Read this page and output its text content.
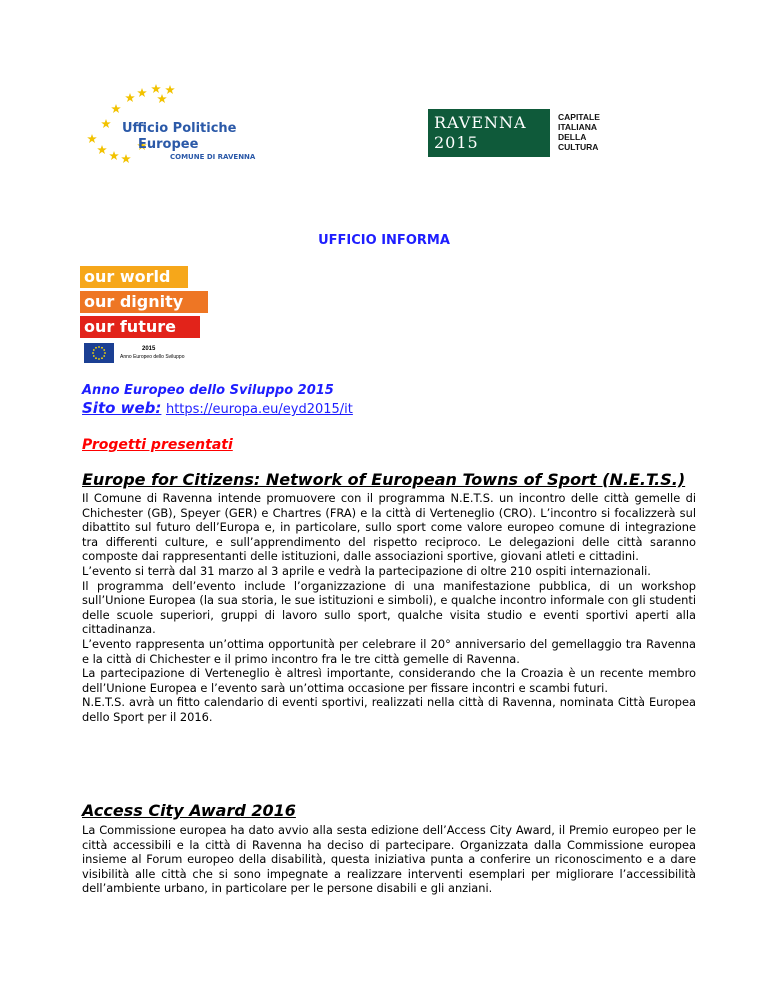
Ufficio Politiche
Europee
COMUNE DI RAVENNA
RAVENNA
2015
CAPITALE
ITALIANA
DELLA
CULTURA
UFFICIO INFORMA
our world
our dignity
our future
2015
Anno Europeo dello Sviluppo
Anno Europeo dello Sviluppo 2015
Sito web: https://europa.eu/eyd2015/it
Progetti presentati
Europe for Citizens: Network of European Towns of Sport (N.E.T.S.)

Il Comune di Ravenna intende promuovere con il programma N.E.T.S. un incontro delle città gemelle di Chichester (GB), Speyer (GER) e Chartres (FRA) e la città di Verteneglio (CRO). L’incontro si focalizzerà sul dibattito sul futuro dell’Europa e, in particolare, sullo sport come valore europeo comune di integrazione tra differenti culture, e sull’apprendimento del rispetto reciproco. Le delegazioni delle città saranno composte dai rappresentanti delle istituzioni, dalle associazioni sportive, giovani atleti e cittadini.

L’evento si terrà dal 31 marzo al 3 aprile e vedrà la partecipazione di oltre 210 ospiti internazionali.

Il programma dell’evento include l’organizzazione di una manifestazione pubblica, di un workshop sull’Unione Europea (la sua storia, le sue istituzioni e simboli), e qualche incontro informale con gli studenti delle scuole superiori, gruppi di lavoro sullo sport, qualche visita studio e eventi sportivi aperti alla cittadinanza.

L’evento rappresenta un’ottima opportunità per celebrare il 20° anniversario del gemellaggio tra Ravenna e la città di Chichester e il primo incontro fra le tre città gemelle di Ravenna.

La partecipazione di Verteneglio è altresì importante, considerando che la Croazia è un recente membro dell’Unione Europea e l’evento sarà un’ottima occasione per fissare incontri e scambi futuri.

N.E.T.S. avrà un fitto calendario di eventi sportivi, realizzati nella città di Ravenna, nominata Città Europea dello Sport per il 2016.

Access City Award 2016

La Commissione europea ha dato avvio alla sesta edizione dell’Access City Award, il Premio europeo per le città accessibili e la città di Ravenna ha deciso di partecipare. Organizzata dalla Commissione europea insieme al Forum europeo della disabilità, questa iniziativa punta a conferire un riconoscimento e a dare visibilità alle città che si sono impegnate a realizzare interventi esemplari per migliorare l’accessibilità dell’ambiente urbano, in particolare per le persone disabili e gli anziani.
